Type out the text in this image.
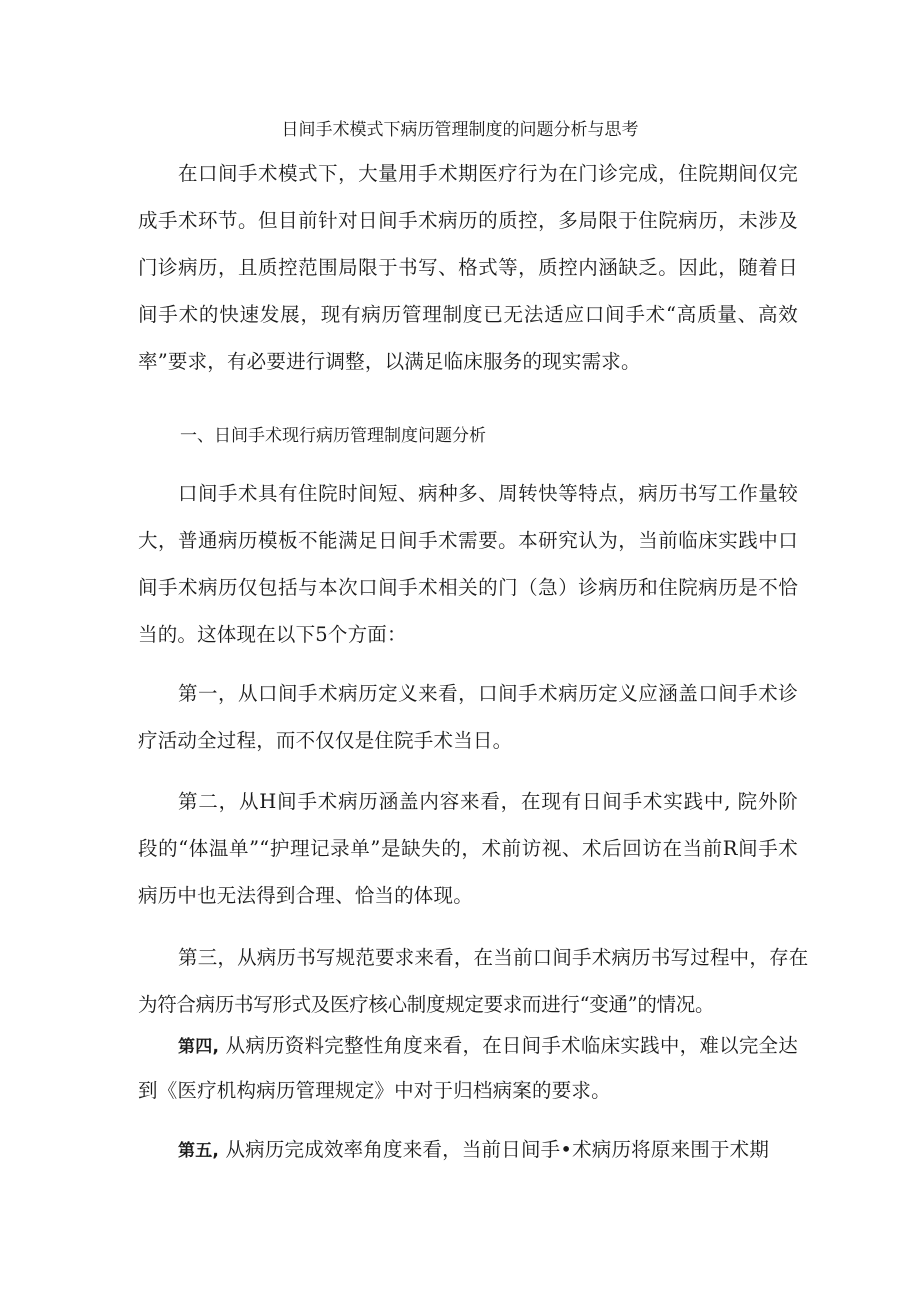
日间手术模式下病历管理制度的问题分析与思考

在口间手术模式下，大量用手术期医疗行为在门诊完成，住院期间仅完成手术环节。但目前针对日间手术病历的质控，多局限于住院病历，未涉及门诊病历，且质控范围局限于书写、格式等，质控内涵缺乏。因此，随着日间手术的快速发展，现有病历管理制度已无法适应口间手术“高质量、高效率”要求，有必要进行调整，以满足临床服务的现实需求。

一、日间手术现行病历管理制度问题分析

口间手术具有住院时间短、病种多、周转快等特点，病历书写工作量较大，普通病历模板不能满足日间手术需要。本研究认为，当前临床实践中口间手术病历仅包括与本次口间手术相关的门（急）诊病历和住院病历是不恰当的。这体现在以下5个方面：

第一，从口间手术病历定义来看，口间手术病历定义应涵盖口间手术诊疗活动全过程，而不仅仅是住院手术当日。

第二，从H间手术病历涵盖内容来看，在现有日间手术实践中, 院外阶段的“体温单”“护理记录单”是缺失的，术前访视、术后回访在当前R间手术病历中也无法得到合理、恰当的体现。

第三，从病历书写规范要求来看，在当前口间手术病历书写过程中，存在为符合病历书写形式及医疗核心制度规定要求而进行“变通”的情况。

第四, 从病历资料完整性角度来看，在日间手术临床实践中，难以完全达到《医疗机构病历管理规定》中对于归档病案的要求。

第五, 从病历完成效率角度来看，当前日间手•术病历将原来围于术期
